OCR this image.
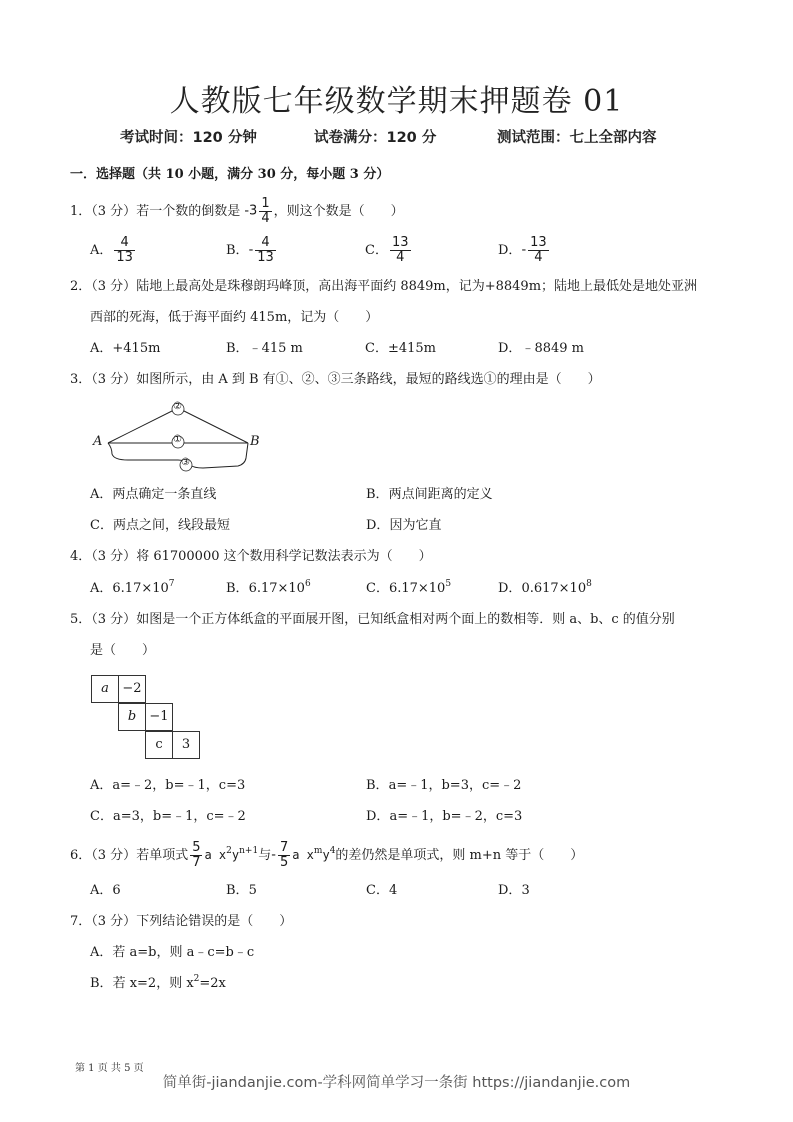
人教版七年级数学期末押题卷 01
考试时间：120 分钟	试卷满分：120 分	测试范围：七上全部内容
一．选择题（共 10 小题，满分 30 分，每小题 3 分）
1．（3 分）若一个数的倒数是 $-3 \frac{1}{4}$ ，则这个数是（　　）
A． $\frac{4}{13}$	B．- $\frac{4}{13}$	C． $\frac{13}{4}$	D．- $\frac{13}{4}$
2．（3 分）陆地上最高处是珠穆朗玛峰顶，高出海平面约 8849m，记为+8849m；陆地上最低处是地处亚洲
西部的死海，低于海平面约 415m，记为（　　）
A．+415m	B．﹣415 m	C．±415m	D．﹣8849 m
3．（3 分）如图所示，由 A 到 B 有①、②、③三条路线，最短的路线选①的理由是（　　）
②
①
③
A	B
A．两点确定一条直线	B．两点间距离的定义
C．两点之间，线段最短	D．因为它直
4．（3 分）将 61700000 这个数用科学记数法表示为（　　）
A．$6.17\times 10^7$	B．$6.17\times 10^6$	C．$6.17\times 10^5$	D．$0.617\times 10^8$
5．（3 分）如图是一个正方体纸盒的平面展开图，已知纸盒相对两个面上的数相等．则 a、b、c 的值分别
是（　　）
a	−2
b	−1
c	3
A．a=﹣2，b=﹣1，c=3	B．a=﹣1，b=3，c=﹣2
C．a=3，b=﹣1，c=﹣2	D．a=﹣1，b=﹣2，c=3
6．（3 分）若单项式 $\frac{5}{7}$ a $x^2y^{n+1}$与- $\frac{7}{5}$ a $x^my^4$的差仍然是单项式，则 m+n 等于（　　）
A．6	B．5	C．4	D．3
7．（3 分）下列结论错误的是（　　）
A．若 a=b，则 a﹣c=b﹣c
B．若 x=2，则 $x^2=2x$
第 1 页 共 5 页
简单街-jiandanjie.com-学科网简单学习一条街 https://jiandanjie.com
